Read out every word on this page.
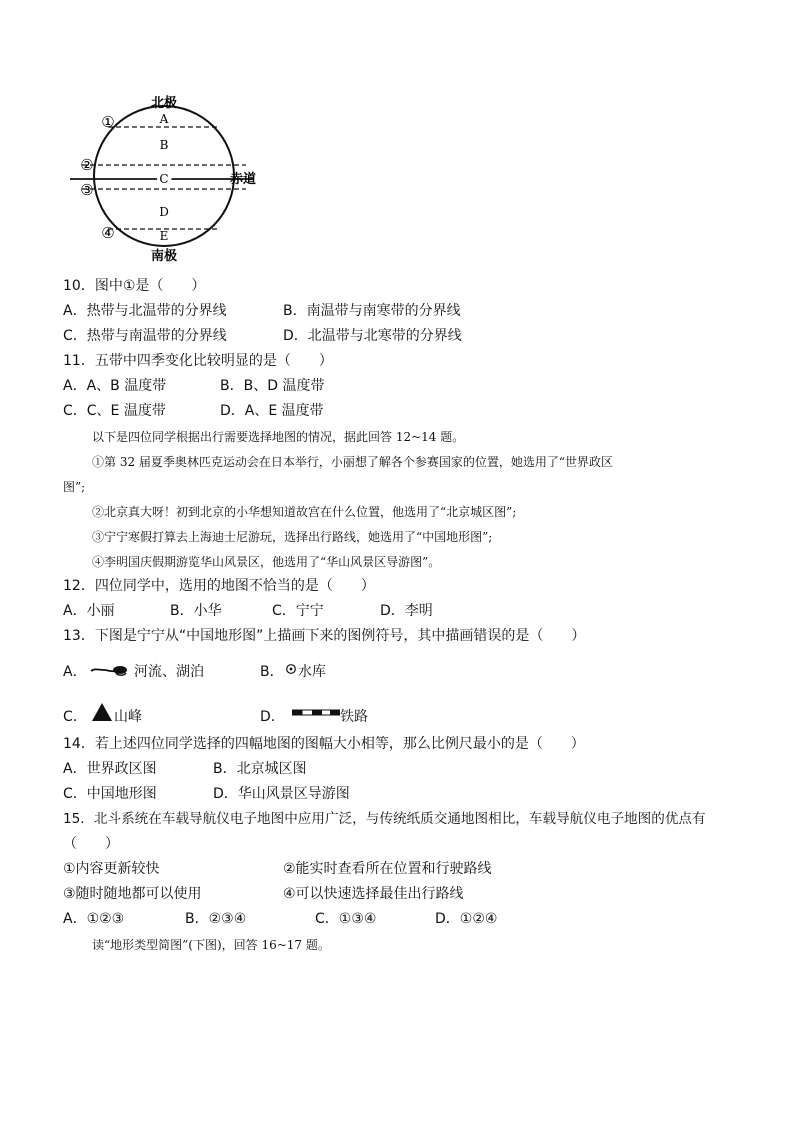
北极
南极
A
B
C
D
E
①
②
③
④
赤道
10．图中①是（　　）
A．热带与北温带的分界线	B．南温带与南寒带的分界线
C．热带与南温带的分界线	D．北温带与北寒带的分界线
11．五带中四季变化比较明显的是（　　）
A．A、B 温度带	B．B、D 温度带
C．C、E 温度带	D．A、E 温度带
以下是四位同学根据出行需要选择地图的情况，据此回答 12~14 题。
①第 32 届夏季奥林匹克运动会在日本举行，小丽想了解各个参赛国家的位置，她选用了“世界政区
图”;
②北京真大呀！初到北京的小华想知道故宫在什么位置，他选用了“北京城区图”;
③宁宁寒假打算去上海迪士尼游玩，选择出行路线，她选用了“中国地形图”;
④李明国庆假期游览华山风景区，他选用了“华山风景区导游图”。
12．四位同学中，选用的地图不恰当的是（　　）
A．小丽	B．小华	C．宁宁	D．李明
13．下图是宁宁从“中国地形图”上描画下来的图例符号，其中描画错误的是（　　）
A．	河流、湖泊	B． 水库
C． 山峰	D．	铁路
14．若上述四位同学选择的四幅地图的图幅大小相等，那么比例尺最小的是（　　）
A．世界政区图	B．北京城区图
C．中国地形图	D．华山风景区导游图
15．北斗系统在车载导航仪电子地图中应用广泛，与传统纸质交通地图相比，车载导航仪电子地图的优点有
（　　）
①内容更新较快	②能实时查看所在位置和行驶路线
③随时随地都可以使用	④可以快速选择最佳出行路线
A．①②③	B．②③④	C．①③④	D．①②④
读“地形类型简图”(下图)，回答 16~17 题。
